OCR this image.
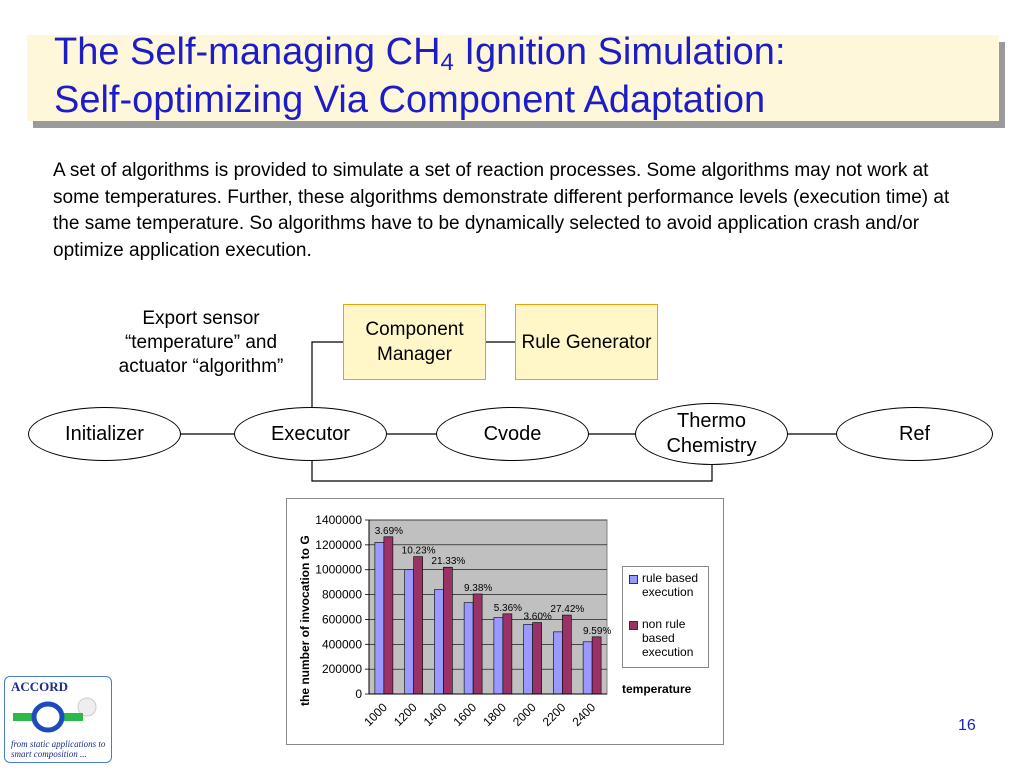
The Self-managing $CH_4$ Ignition Simulation:
Self-optimizing Via Component Adaptation
A set of algorithms is provided to simulate a set of reaction processes. Some algorithms may not work at some temperatures. Further, these algorithms demonstrate different performance levels (execution time) at the same temperature. So algorithms have to be dynamically selected to avoid application crash and/or optimize application execution.
Export sensor “temperature” and actuator “algorithm”
Component Manager
Rule Generator
Initializer	Executor	Cvode
Thermo Chemistry
Ref
0
200000
400000
600000
800000
1000000
1200000
1400000
3.69%
1000
10.23%
1200
21.33%
1400
9.38%
1600
5.36%
1800
3.60%
2000
27.42%
2200
9.59%
2400
the number of invocation to G	rule based execution
non rule based execution
temperature
ACCORD
from static applications to smart composition ...
16
